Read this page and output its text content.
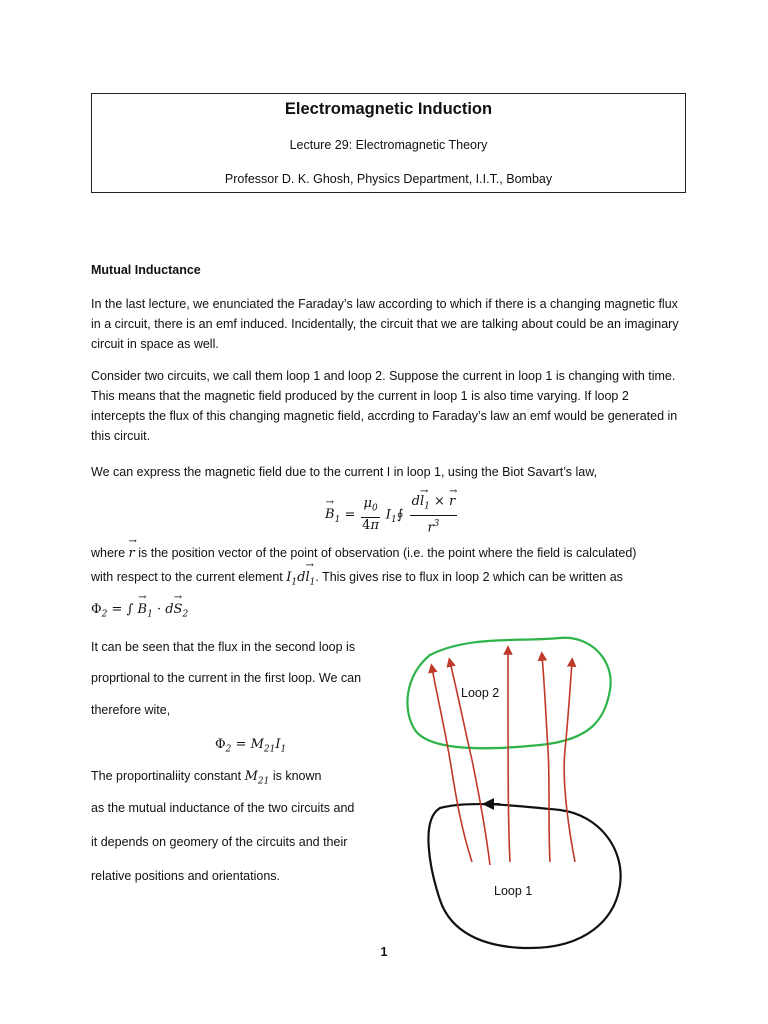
Electromagnetic Induction
Lecture 29: Electromagnetic Theory
Professor D. K. Ghosh, Physics Department, I.I.T., Bombay
Mutual Inductance
In the last lecture, we enunciated the Faraday’s law according to which if there is a changing magnetic flux in a circuit, there is an emf induced. Incidentally, the circuit that we are talking about could be an imaginary circuit in space as well.
Consider two circuits, we call them loop 1 and loop 2. Suppose the current in loop 1 is changing with time. This means that the magnetic field produced by the current in loop 1 is also time varying. If loop 2 intercepts the flux of this changing magnetic field, accrding to Faraday’s law an emf would be generated in this circuit.
We can express the magnetic field due to the current I in loop 1, using the Biot Savart’s law,
→ $B_1 = \frac{\mu_0}{4\pi}$ $I_1∮ \frac{d\to l_1 \times \to r}{r^3}$
where → r is the position vector of the point of observation (i.e. the point where the field is calculated)
with respect to the current element $I_1d\to l_1$. This gives rise to flux in loop 2 which can be written as
$\Phi_2$ = ∫ → $B_1 \cdot d\to S_2$
It can be seen that the flux in the second loop is
proprtional to the current in the first loop. We can
therefore wite,
$\Phi_2 = M_{21}I_1$
The proportinaliity constant $M_{21}$ is known
as the mutual inductance of the two circuits and
it depends on geomery of the circuits and their
relative positions and orientations.
Loop 2
Loop 1
1
